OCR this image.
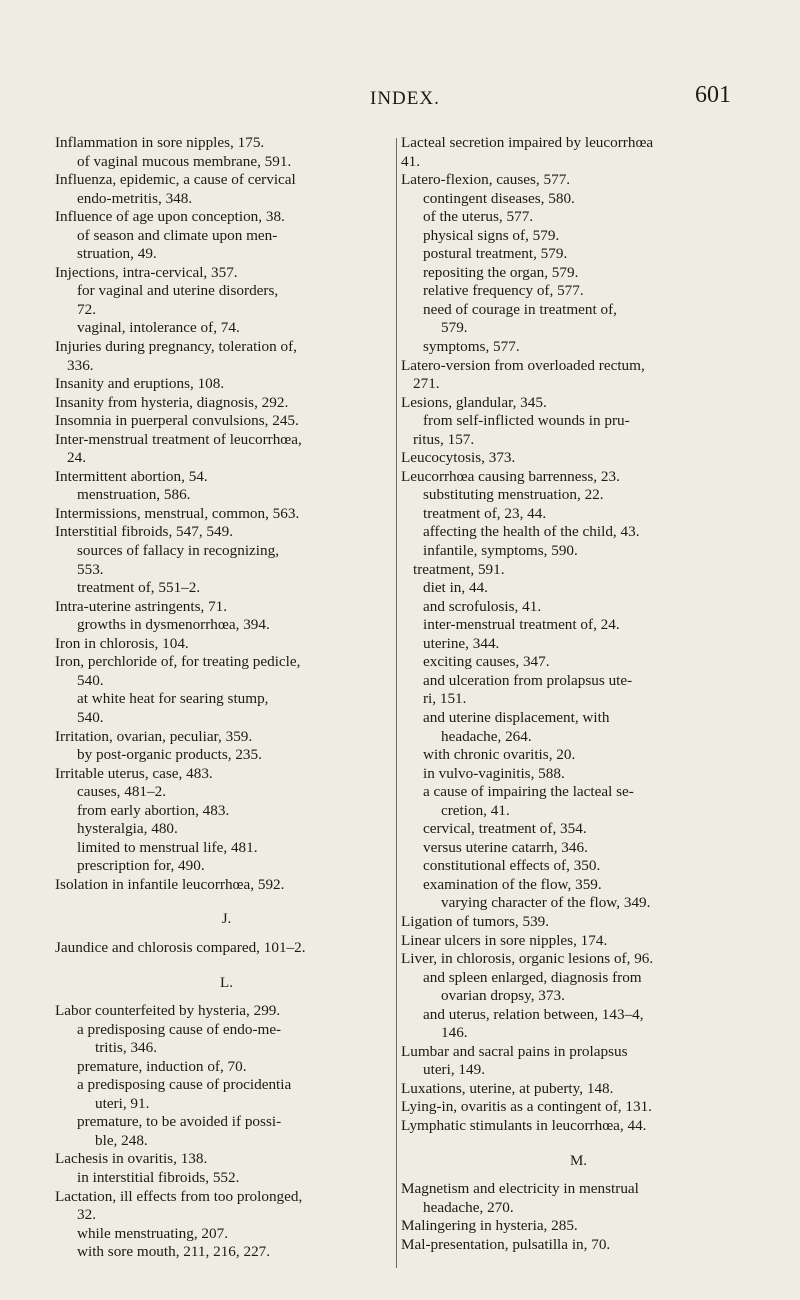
INDEX.	601
Inflammation in sore nipples, 175.
of vaginal mucous membrane, 591.
Influenza, epidemic, a cause of cervical
endo-metritis, 348.
Influence of age upon conception, 38.
of season and climate upon men-
struation, 49.
Injections, intra-cervical, 357.
for vaginal and uterine disorders,
72.
vaginal, intolerance of, 74.
Injuries during pregnancy, toleration of,
336.
Insanity and eruptions, 108.
Insanity from hysteria, diagnosis, 292.
Insomnia in puerperal convulsions, 245.
Inter-menstrual treatment of leucorrhœa,
24.
Intermittent abortion, 54.
menstruation, 586.
Intermissions, menstrual, common, 563.
Interstitial fibroids, 547, 549.
sources of fallacy in recognizing,
553.
treatment of, 551–2.
Intra-uterine astringents, 71.
growths in dysmenorrhœa, 394.
Iron in chlorosis, 104.
Iron, perchloride of, for treating pedicle,
540.
at white heat for searing stump,
540.
Irritation, ovarian, peculiar, 359.
by post-organic products, 235.
Irritable uterus, case, 483.
causes, 481–2.
from early abortion, 483.
hysteralgia, 480.
limited to menstrual life, 481.
prescription for, 490.
Isolation in infantile leucorrhœa, 592.
J.
Jaundice and chlorosis compared, 101–2.
L.
Labor counterfeited by hysteria, 299.
a predisposing cause of endo-me-
tritis, 346.
premature, induction of, 70.
a predisposing cause of procidentia
uteri, 91.
premature, to be avoided if possi-
ble, 248.
Lachesis in ovaritis, 138.
in interstitial fibroids, 552.
Lactation, ill effects from too prolonged,
32.
while menstruating, 207.
with sore mouth, 211, 216, 227.
Lacteal secretion impaired by leucorrhœa
41.
Latero-flexion, causes, 577.
contingent diseases, 580.
of the uterus, 577.
physical signs of, 579.
postural treatment, 579.
repositing the organ, 579.
relative frequency of, 577.
need of courage in treatment of,
579.
symptoms, 577.
Latero-version from overloaded rectum,
271.
Lesions, glandular, 345.
from self-inflicted wounds in pru-
ritus, 157.
Leucocytosis, 373.
Leucorrhœa causing barrenness, 23.
substituting menstruation, 22.
treatment of, 23, 44.
affecting the health of the child, 43.
infantile, symptoms, 590.
treatment, 591.
diet in, 44.
and scrofulosis, 41.
inter-menstrual treatment of, 24.
uterine, 344.
exciting causes, 347.
and ulceration from prolapsus ute-
ri, 151.
and uterine displacement, with
headache, 264.
with chronic ovaritis, 20.
in vulvo-vaginitis, 588.
a cause of impairing the lacteal se-
cretion, 41.
cervical, treatment of, 354.
versus uterine catarrh, 346.
constitutional effects of, 350.
examination of the flow, 359.
varying character of the flow, 349.
Ligation of tumors, 539.
Linear ulcers in sore nipples, 174.
Liver, in chlorosis, organic lesions of, 96.
and spleen enlarged, diagnosis from
ovarian dropsy, 373.
and uterus, relation between, 143–4,
146.
Lumbar and sacral pains in prolapsus
uteri, 149.
Luxations, uterine, at puberty, 148.
Lying-in, ovaritis as a contingent of, 131.
Lymphatic stimulants in leucorrhœa, 44.
M.
Magnetism and electricity in menstrual
headache, 270.
Malingering in hysteria, 285.
Mal-presentation, pulsatilla in, 70.
